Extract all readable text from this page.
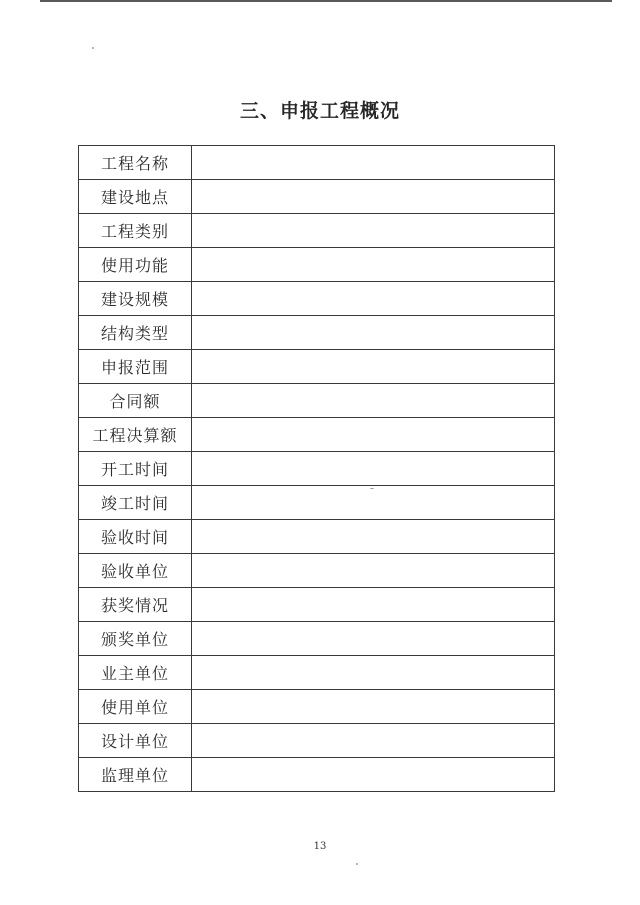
三、申报工程概况
工程名称	
建设地点	
工程类别	
使用功能	
建设规模	
结构类型	
申报范围	
合同额	
工程决算额	
开工时间	
竣工时间	
验收时间	
验收单位	
获奖情况	
颁奖单位	
业主单位	
使用单位	
设计单位	
监理单位	
13
